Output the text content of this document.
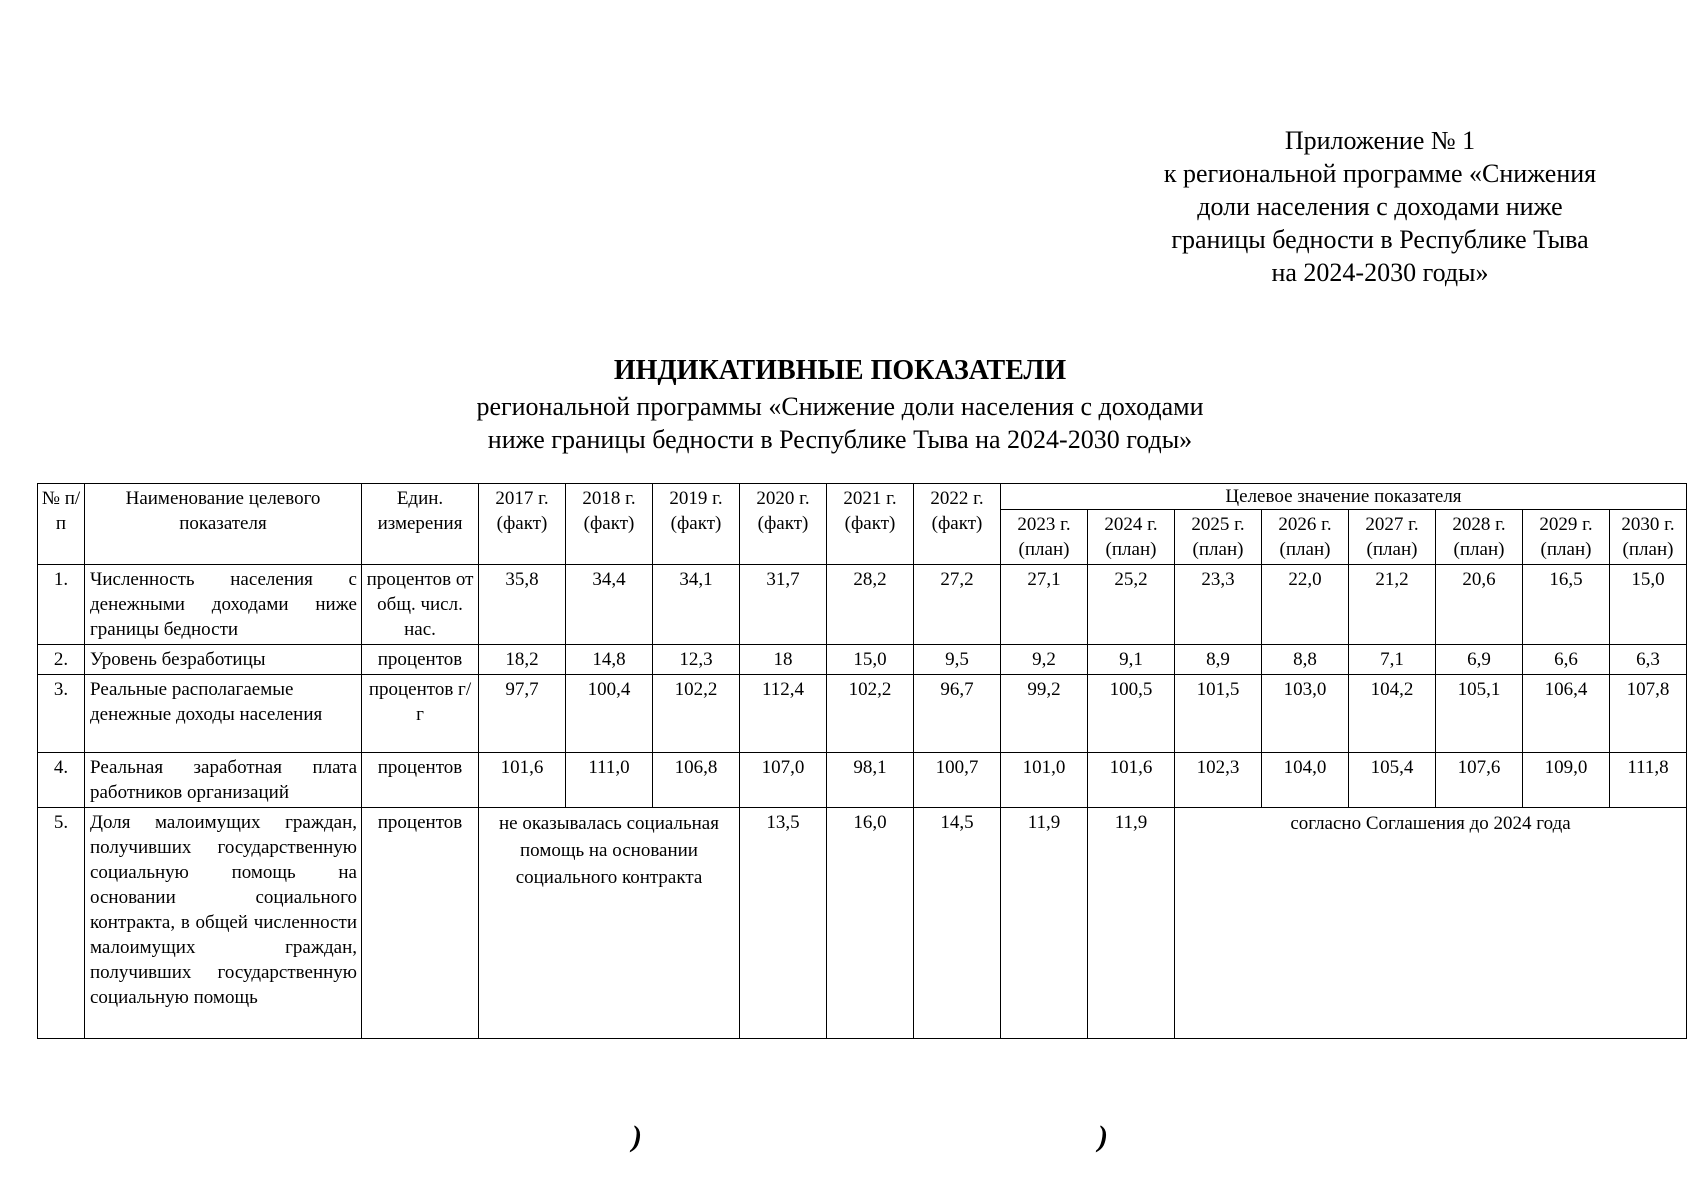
Приложение № 1
к региональной программе «Снижения
доли населения с доходами ниже
границы бедности в Республике Тыва
на 2024-2030 годы»
ИНДИКАТИВНЫЕ ПОКАЗАТЕЛИ
региональной программы «Снижение доли населения с доходами
ниже границы бедности в Республике Тыва на 2024-2030 годы»
№ п/п	Наименование целевого показателя	Един. измерения	2017 г. (факт)	2018 г. (факт)	2019 г. (факт)	2020 г. (факт)	2021 г. (факт)	2022 г. (факт)	Целевое значение показателя							
									2023 г. (план)	2024 г. (план)	2025 г. (план)	2026 г. (план)	2027 г. (план)	2028 г. (план)	2029 г. (план)	2030 г. (план)
1.	Численность населения с денежными доходами ниже границы бедности	процентов от общ. числ. нас.	35,8	34,4	34,1	31,7	28,2	27,2	27,1	25,2	23,3	22,0	21,2	20,6	16,5	15,0
2.	Уровень безработицы	процентов	18,2	14,8	12,3	18	15,0	9,5	9,2	9,1	8,9	8,8	7,1	6,9	6,6	6,3
3.	Реальные располагаемые денежные доходы населения	процентов г/г	97,7	100,4	102,2	112,4	102,2	96,7	99,2	100,5	101,5	103,0	104,2	105,1	106,4	107,8
4.	Реальная заработная плата работников организаций	процентов	101,6	111,0	106,8	107,0	98,1	100,7	101,0	101,6	102,3	104,0	105,4	107,6	109,0	111,8
5.	Доля малоимущих граждан, получивших государственную социальную помощь на основании социального контракта, в общей численности малоимущих граждан, получивших государственную социальную помощь	процентов	не оказывалась социальная помощь на основании социального контракта			13,5	16,0	14,5	11,9	11,9	согласно Соглашения до 2024 года					
)	)
